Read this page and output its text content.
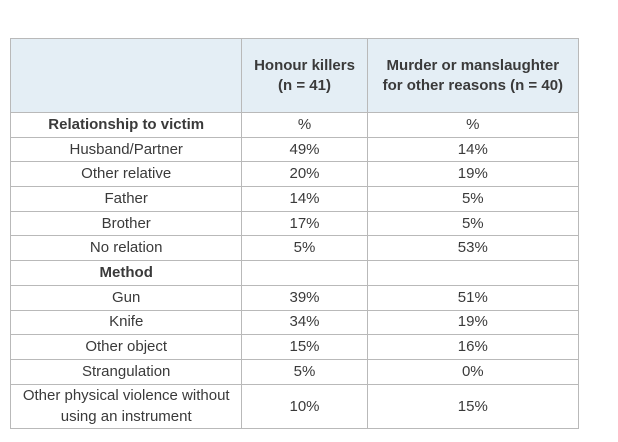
	Honour killers
(n = 41)	Murder or manslaughter
for other reasons (n = 40)

Relationship to victim	%	%
Husband/Partner	49%	14%
Other relative	20%	19%
Father	14%	5%
Brother	17%	5%
No relation	5%	53%
Method		
Gun	39%	51%
Knife	34%	19%
Other object	15%	16%
Strangulation	5%	0%

Other physical violence without
using an instrument	10%	15%
